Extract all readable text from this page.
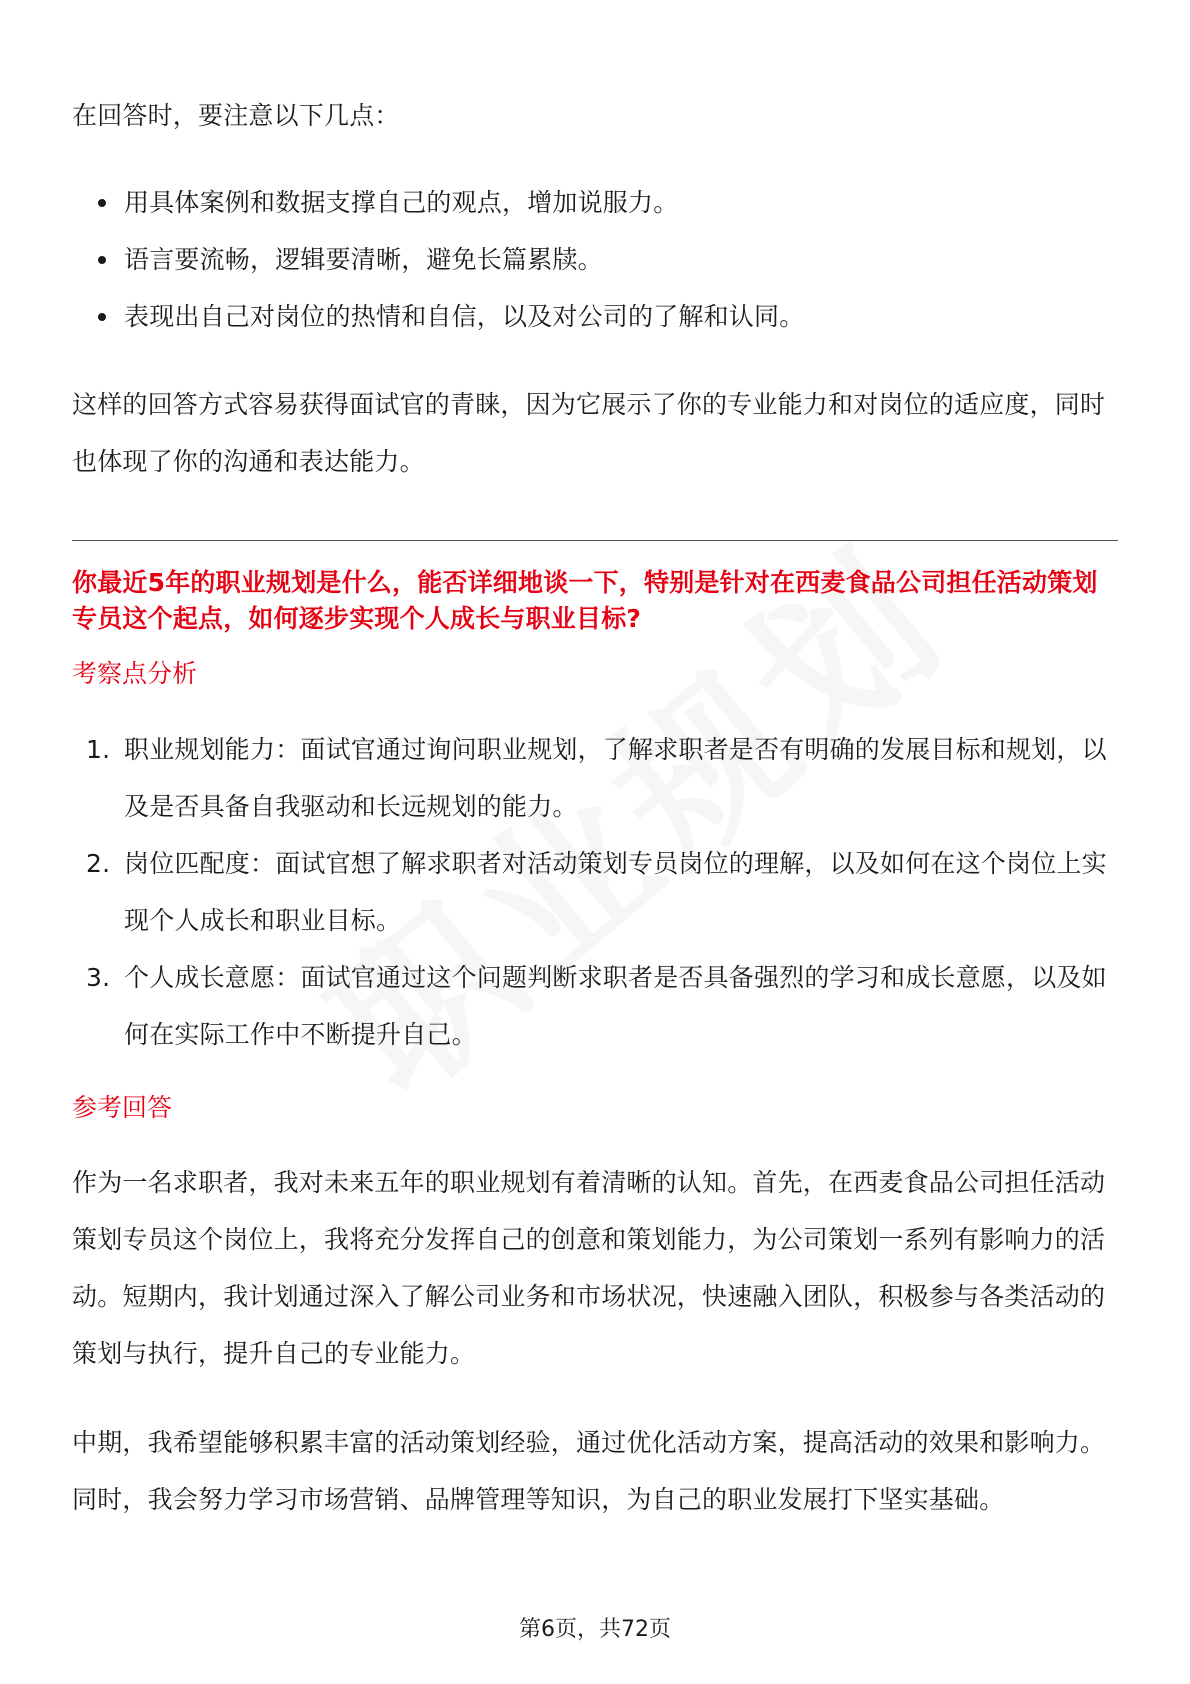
在回答时，要注意以下几点：

用具体案例和数据支撑自己的观点，增加说服力。
语言要流畅，逻辑要清晰，避免长篇累牍。
表现出自己对岗位的热情和自信，以及对公司的了解和认同。

这样的回答方式容易获得面试官的青睐，因为它展示了你的专业能力和对岗位的适应度，同时也体现了你的沟通和表达能力。

你最近5年的职业规划是什么，能否详细地谈一下，特别是针对在西麦食品公司担任活动策划专员这个起点，如何逐步实现个人成长与职业目标?

考察点分析

1. 职业规划能力：面试官通过询问职业规划，了解求职者是否有明确的发展目标和规划，以及是否具备自我驱动和长远规划的能力。
2. 岗位匹配度：面试官想了解求职者对活动策划专员岗位的理解，以及如何在这个岗位上实现个人成长和职业目标。
3. 个人成长意愿：面试官通过这个问题判断求职者是否具备强烈的学习和成长意愿，以及如何在实际工作中不断提升自己。

参考回答

作为一名求职者，我对未来五年的职业规划有着清晰的认知。首先，在西麦食品公司担任活动策划专员这个岗位上，我将充分发挥自己的创意和策划能力，为公司策划一系列有影响力的活动。短期内，我计划通过深入了解公司业务和市场状况，快速融入团队，积极参与各类活动的策划与执行，提升自己的专业能力。

中期，我希望能够积累丰富的活动策划经验，通过优化活动方案，提高活动的效果和影响力。同时，我会努力学习市场营销、品牌管理等知识，为自己的职业发展打下坚实基础。

第6页，共72页
